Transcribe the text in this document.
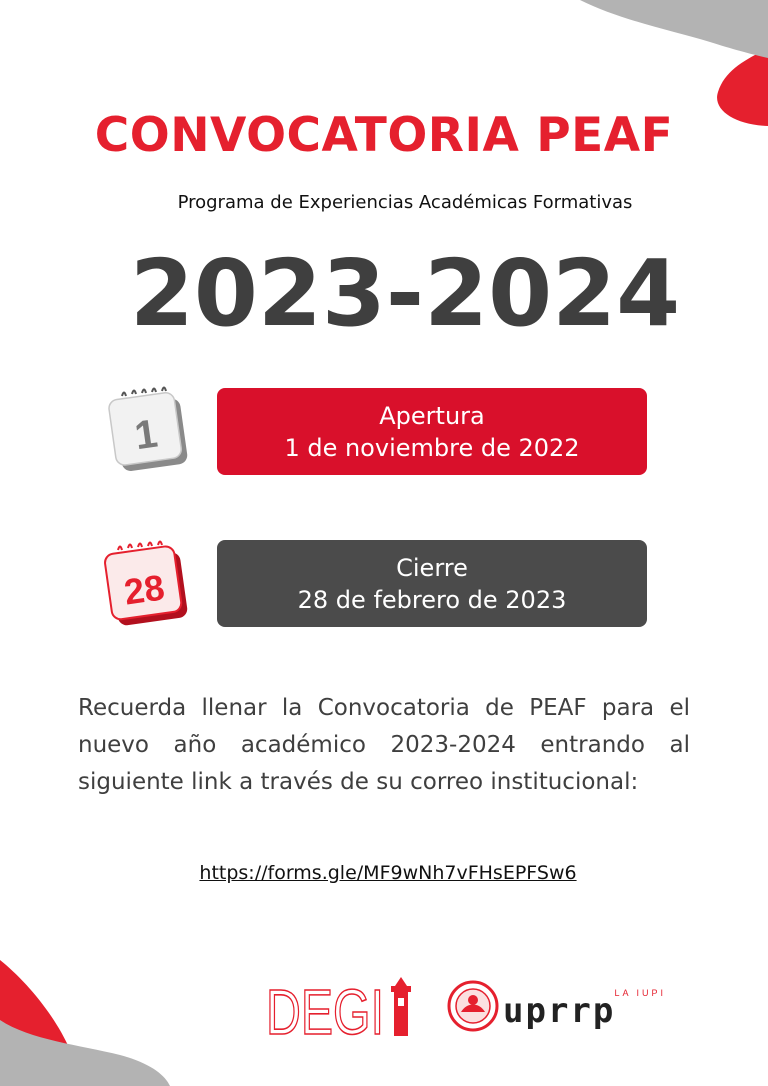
CONVOCATORIA PEAF

Programa de Experiencias Académicas Formativas

2023-2024

1	Apertura
1 de noviembre de 2022
28	Cierre
28 de febrero de 2023

Recuerda llenar la Convocatoria de PEAF para el nuevo año académico 2023-2024 entrando al siguiente link a través de su correo institucional:

https://forms.gle/MF9wNh7vFHsEPFSw6
DEGI	LA IUPI
uprrp
